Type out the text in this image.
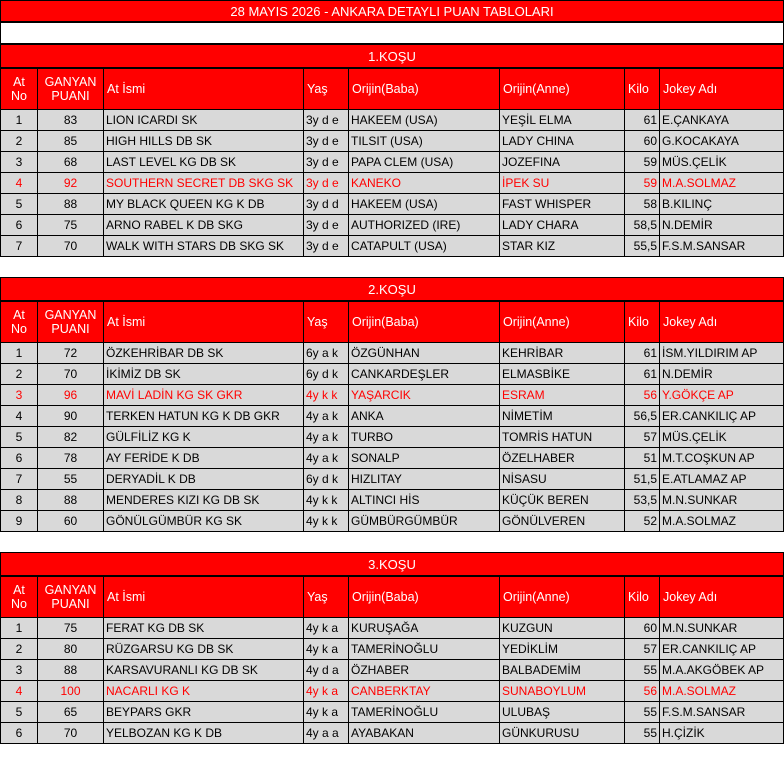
28 MAYIS 2026 - ANKARA DETAYLI PUAN TABLOLARI
1.KOŞU
At No	GANYAN PUANI	At İsmi	Yaş	Orijin(Baba)	Orijin(Anne)	Kilo	Jokey Adı
1	83	LION ICARDI SK	3y d e	HAKEEM (USA)	YEŞİL ELMA	61	E.ÇANKAYA
2	85	HIGH HILLS DB SK	3y d e	TILSIT (USA)	LADY CHINA	60	G.KOCAKAYA
3	68	LAST LEVEL KG DB SK	3y d e	PAPA CLEM (USA)	JOZEFINA	59	MÜS.ÇELİK
4	92	SOUTHERN SECRET DB SKG SK	3y d e	KANEKO	İPEK SU	59	M.A.SOLMAZ
5	88	MY BLACK QUEEN KG K DB	3y d d	HAKEEM (USA)	FAST WHISPER	58	B.KILINÇ
6	75	ARNO RABEL K DB SKG	3y d e	AUTHORIZED (IRE)	LADY CHARA	58,5	N.DEMİR
7	70	WALK WITH STARS DB SKG SK	3y d e	CATAPULT (USA)	STAR KIZ	55,5	F.S.M.SANSAR
2.KOŞU
At No	GANYAN PUANI	At İsmi	Yaş	Orijin(Baba)	Orijin(Anne)	Kilo	Jokey Adı
1	72	ÖZKEHRİBAR DB SK	6y a k	ÖZGÜNHAN	KEHRİBAR	61	İSM.YILDIRIM AP
2	70	İKİMİZ DB SK	6y d k	CANKARDEŞLER	ELMASBİKE	61	N.DEMİR
3	96	MAVİ LADİN KG SK GKR	4y k k	YAŞARCIK	ESRAM	56	Y.GÖKÇE AP
4	90	TERKEN HATUN KG K DB GKR	4y a k	ANKA	NİMETİM	56,5	ER.CANKILIÇ AP
5	82	GÜLFİLİZ KG K	4y a k	TURBO	TOMRİS HATUN	57	MÜS.ÇELİK
6	78	AY FERİDE K DB	4y a k	SONALP	ÖZELHABER	51	M.T.COŞKUN AP
7	55	DERYADİL K DB	6y d k	HIZLITAY	NİSASU	51,5	E.ATLAMAZ AP
8	88	MENDERES KIZI KG DB SK	4y k k	ALTINCI HİS	KÜÇÜK BEREN	53,5	M.N.SUNKAR
9	60	GÖNÜLGÜMBÜR KG SK	4y k k	GÜMBÜRGÜMBÜR	GÖNÜLVEREN	52	M.A.SOLMAZ
3.KOŞU
At No	GANYAN PUANI	At İsmi	Yaş	Orijin(Baba)	Orijin(Anne)	Kilo	Jokey Adı
1	75	FERAT KG DB SK	4y k a	KURUŞAĞA	KUZGUN	60	M.N.SUNKAR
2	80	RÜZGARSU KG DB SK	4y k a	TAMERİNOĞLU	YEDİKLİM	57	ER.CANKILIÇ AP
3	88	KARSAVURANLI KG DB SK	4y d a	ÖZHABER	BALBADEMİM	55	M.A.AKGÖBEK AP
4	100	NACARLI KG K	4y k a	CANBERKTAY	SUNABOYLUM	56	M.A.SOLMAZ
5	65	BEYPARS GKR	4y k a	TAMERİNOĞLU	ULUBAŞ	55	F.S.M.SANSAR
6	70	YELBOZAN KG K DB	4y a a	AYABAKAN	GÜNKURUSU	55	H.ÇİZİK
